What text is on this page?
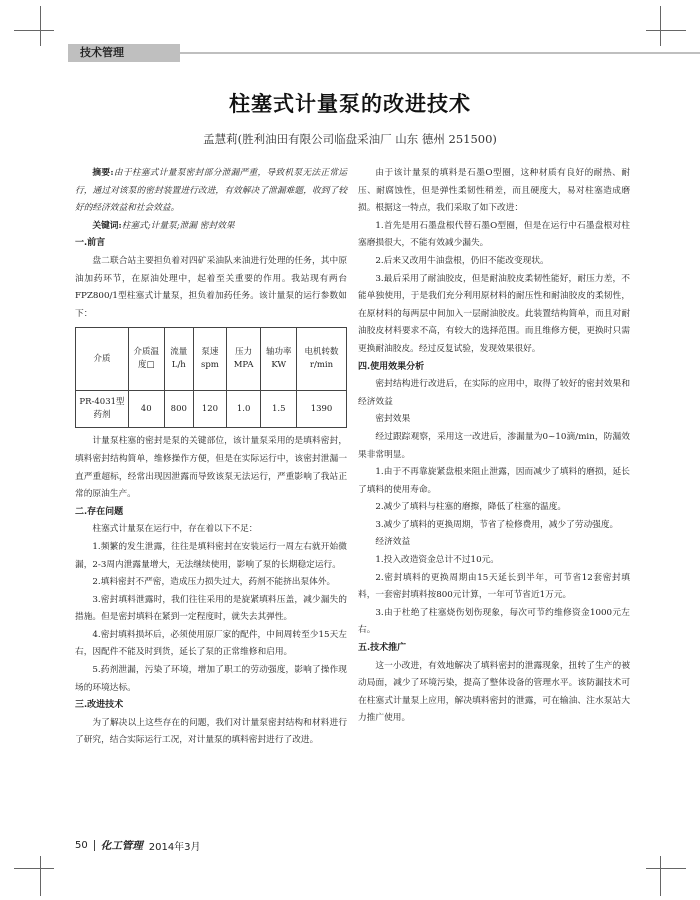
技术管理
柱塞式计量泵的改进技术
孟慧莉(胜利油田有限公司临盘采油厂 山东 德州 251500)

摘要:由于柱塞式计量泵密封部分泄漏严重，导致机泵无法正常运行，通过对该泵的密封装置进行改进，有效解决了泄漏难题，收到了较好的经济效益和社会效益。

关键词:柱塞式;计量泵;泄漏 密封效果

一.前言

盘二联合站主要担负着对四矿采油队来油进行处理的任务，其中原油加药环节，在原油处理中，起着至关重要的作用。我站现有两台FPZ800/1型柱塞式计量泵，担负着加药任务。该计量泵的运行参数如下：

介质	介质温度□	流量L/h	泵速spm	压力MPA	轴功率KW	电机转数r/min
PR-4031型药剂	40	800	120	1.0	1.5	1390

计量泵柱塞的密封是泵的关键部位，该计量泵采用的是填料密封，填料密封结构简单，维修操作方便，但是在实际运行中，该密封泄漏一直严重超标，经常出现因泄露而导致该泵无法运行，严重影响了我站正常的原油生产。

二.存在问题

柱塞式计量泵在运行中，存在着以下不足：

1.频繁的发生泄露，往往是填料密封在安装运行一周左右就开始微漏，2-3周内泄露量增大，无法继续使用，影响了泵的长期稳定运行。

2.填料密封不严密，造成压力损失过大，药剂不能挤出泵体外。

3.密封填料泄露时，我们往往采用的是旋紧填料压盖，减少漏失的措施。但是密封填料在紧到一定程度时，就失去其弹性。

4.密封填料损坏后，必须使用原厂家的配件，中间周转至少15天左右，因配件不能及时到货，延长了泵的正常维修和启用。

5.药剂泄漏，污染了环境，增加了职工的劳动强度，影响了操作现场的环境达标。

三.改进技术

为了解决以上这些存在的问题，我们对计量泵密封结构和材料进行了研究，结合实际运行工况，对计量泵的填料密封进行了改进。

由于该计量泵的填料是石墨O型圈，这种材质有良好的耐热、耐压、耐腐蚀性，但是弹性柔韧性稍差，而且硬度大，易对柱塞造成磨损。根据这一特点，我们采取了如下改进：

1.首先是用石墨盘根代替石墨O型圈，但是在运行中石墨盘根对柱塞磨损很大，不能有效减少漏失。

2.后来又改用牛油盘根，仍旧不能改变现状。

3.最后采用了耐油胶皮，但是耐油胶皮柔韧性能好，耐压力差，不能单独使用，于是我们充分利用原材料的耐压性和耐油胶皮的柔韧性，在原材料的每两层中间加入一层耐油胶皮。此装置结构简单，而且对耐油胶皮材料要求不高，有较大的选择范围。而且维修方便，更换时只需更换耐油胶皮。经过反复试验，发现效果很好。

四.使用效果分析

密封结构进行改进后，在实际的应用中，取得了较好的密封效果和经济效益

密封效果

经过跟踪观察，采用这一改进后，渗漏量为0~10滴/min，防漏效果非常明显。

1.由于不再靠旋紧盘根来阻止泄露，因而减少了填料的磨损，延长了填料的使用寿命。

2.减少了填料与柱塞的磨擦，降低了柱塞的温度。

3.减少了填料的更换周期，节省了检修费用，减少了劳动强度。

经济效益

1.投入改造资金总计不过10元。

2.密封填料的更换周期由15天延长到半年，可节省12套密封填料，一套密封填料按800元计算，一年可节省近1万元。

3.由于杜绝了柱塞烧伤划伤现象，每次可节约维修资金1000元左右。

五.技术推广

这一小改进，有效地解决了填料密封的泄露现象，扭转了生产的被动局面，减少了环境污染，提高了整体设备的管理水平。该防漏技术可在柱塞式计量泵上应用，解决填料密封的泄露，可在输油、注水泵站大力推广使用。

50 化工管理 2014年3月
